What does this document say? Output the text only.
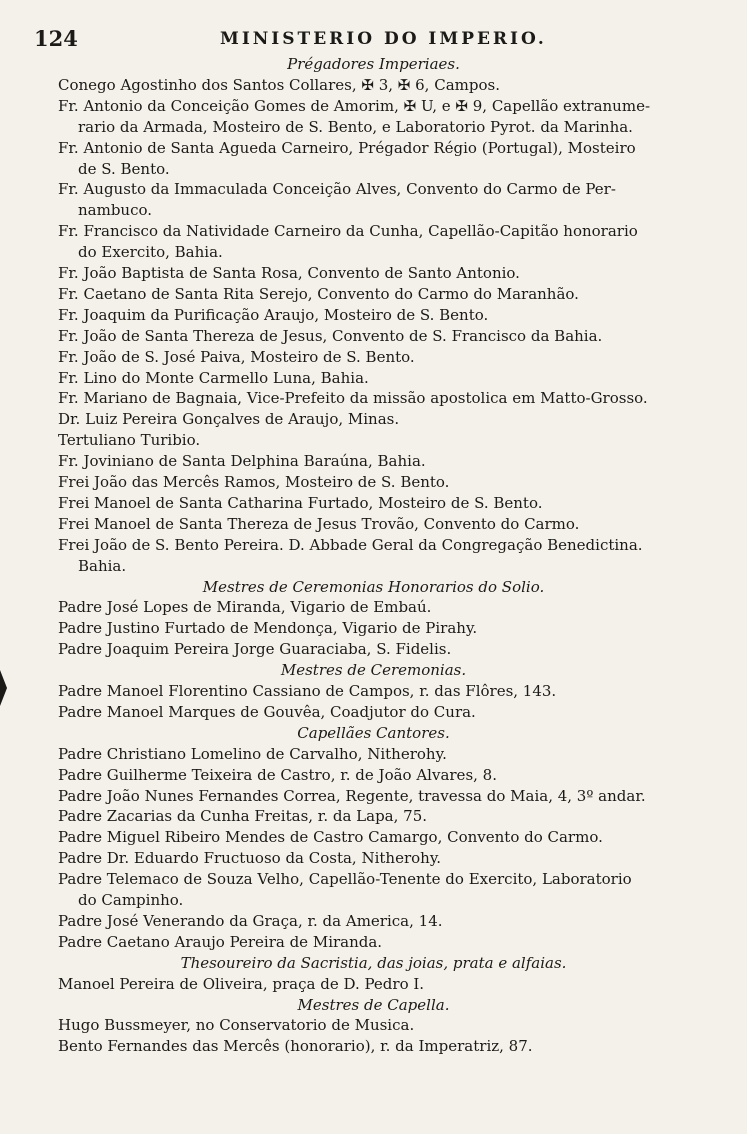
124	MINISTERIO DO IMPERIO.
Prégadores Imperiaes.
Conego Agostinho dos Santos Collares, ✠ 3, ✠ 6, Campos.
Fr. Antonio da Conceição Gomes de Amorim, ✠ U, e ✠ 9, Capellão extranume-
rario da Armada, Mosteiro de S. Bento, e Laboratorio Pyrot. da Marinha.
Fr. Antonio de Santa Agueda Carneiro, Prégador Régio (Portugal), Mosteiro
de S. Bento.
Fr. Augusto da Immaculada Conceição Alves, Convento do Carmo de Per-
nambuco.
Fr. Francisco da Natividade Carneiro da Cunha, Capellão-Capitão honorario
do Exercito, Bahia.
Fr. João Baptista de Santa Rosa, Convento de Santo Antonio.
Fr. Caetano de Santa Rita Serejo, Convento do Carmo do Maranhão.
Fr. Joaquim da Purificação Araujo, Mosteiro de S. Bento.
Fr. João de Santa Thereza de Jesus, Convento de S. Francisco da Bahia.
Fr. João de S. José Paiva, Mosteiro de S. Bento.
Fr. Lino do Monte Carmello Luna, Bahia.
Fr. Mariano de Bagnaia, Vice-Prefeito da missão apostolica em Matto-Grosso.
Dr. Luiz Pereira Gonçalves de Araujo, Minas.
Tertuliano Turibio.
Fr. Joviniano de Santa Delphina Baraúna, Bahia.
Frei João das Mercês Ramos, Mosteiro de S. Bento.
Frei Manoel de Santa Catharina Furtado, Mosteiro de S. Bento.
Frei Manoel de Santa Thereza de Jesus Trovão, Convento do Carmo.
Frei João de S. Bento Pereira. D. Abbade Geral da Congregação Benedictina.
Bahia.
Mestres de Ceremonias Honorarios do Solio.
Padre José Lopes de Miranda, Vigario de Embaú.
Padre Justino Furtado de Mendonça, Vigario de Pirahy.
Padre Joaquim Pereira Jorge Guaraciaba, S. Fidelis.
Mestres de Ceremonias.
Padre Manoel Florentino Cassiano de Campos, r. das Flôres, 143.
Padre Manoel Marques de Gouvêa, Coadjutor do Cura.
Capellães Cantores.
Padre Christiano Lomelino de Carvalho, Nitherohy.
Padre Guilherme Teixeira de Castro, r. de João Alvares, 8.
Padre João Nunes Fernandes Correa, Regente, travessa do Maia, 4, 3º andar.
Padre Zacarias da Cunha Freitas, r. da Lapa, 75.
Padre Miguel Ribeiro Mendes de Castro Camargo, Convento do Carmo.
Padre Dr. Eduardo Fructuoso da Costa, Nitherohy.
Padre Telemaco de Souza Velho, Capellão-Tenente do Exercito, Laboratorio
do Campinho.
Padre José Venerando da Graça, r. da America, 14.
Padre Caetano Araujo Pereira de Miranda.
Thesoureiro da Sacristia, das joias, prata e alfaias.
Manoel Pereira de Oliveira, praça de D. Pedro I.
Mestres de Capella.
Hugo Bussmeyer, no Conservatorio de Musica.
Bento Fernandes das Mercês (honorario), r. da Imperatriz, 87.
